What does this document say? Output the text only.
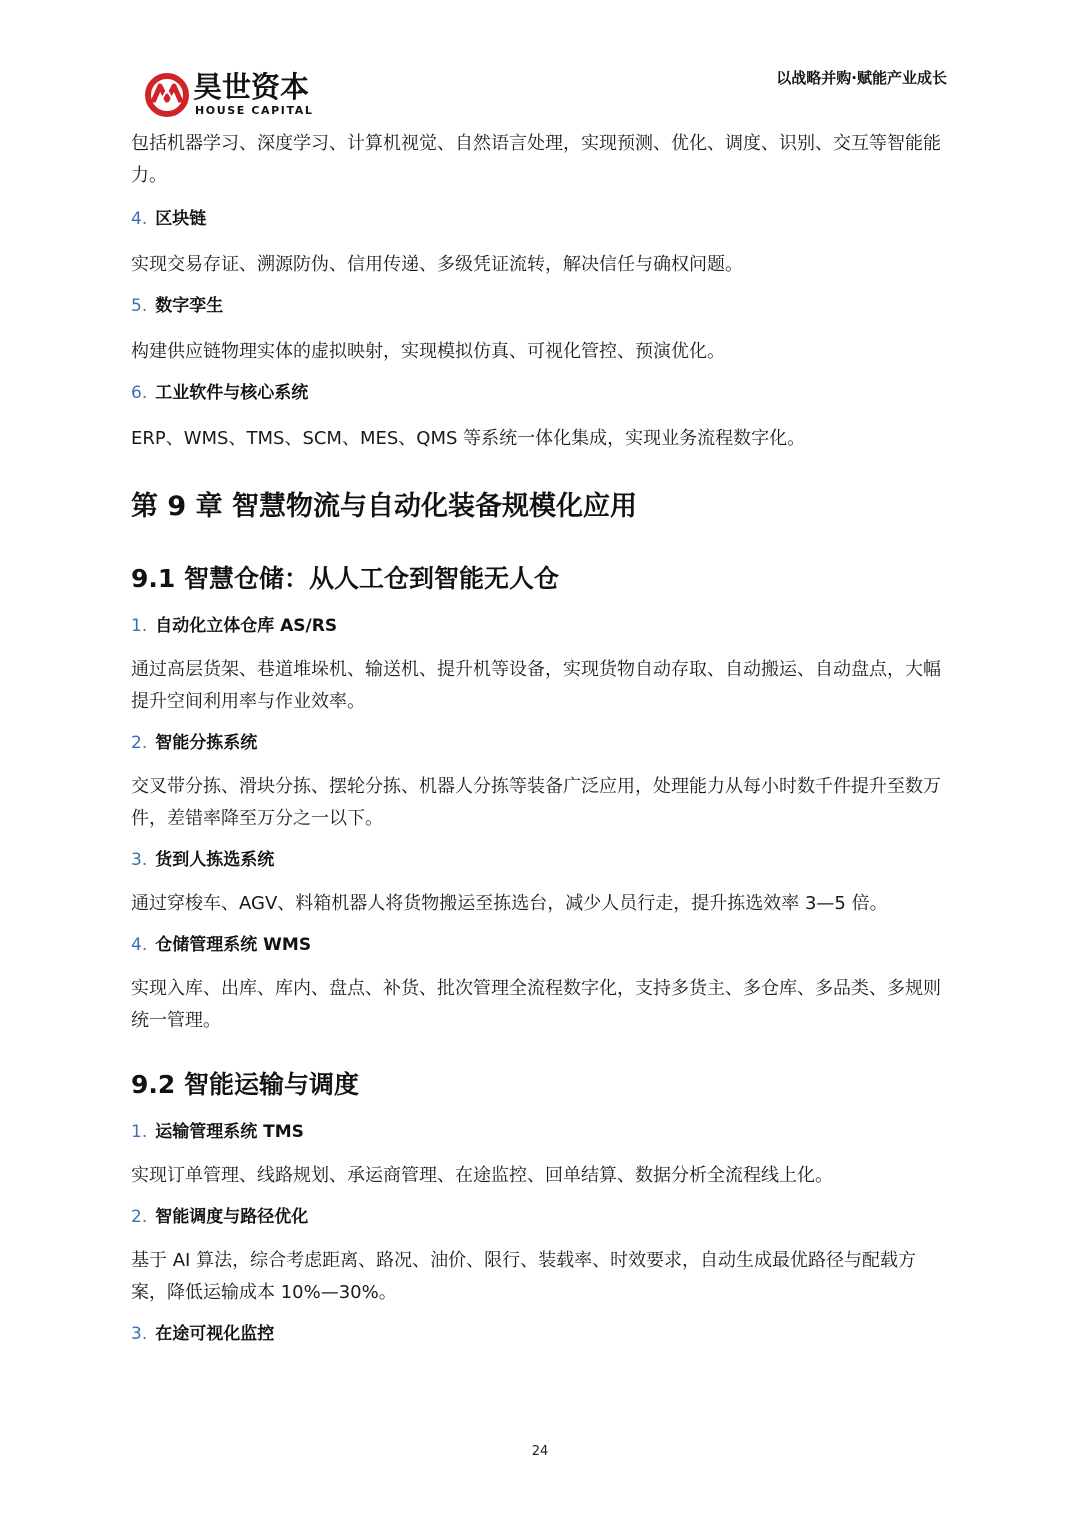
昊世资本
HOUSE CAPITAL
以战略并购·赋能产业成长

包括机器学习、深度学习、计算机视觉、自然语言处理，实现预测、优化、调度、识别、交互等智能能力。

4. 区块链

实现交易存证、溯源防伪、信用传递、多级凭证流转，解决信任与确权问题。

5. 数字孪生

构建供应链物理实体的虚拟映射，实现模拟仿真、可视化管控、预演优化。

6. 工业软件与核心系统

ERP、WMS、TMS、SCM、MES、QMS 等系统一体化集成，实现业务流程数字化。

第 9 章 智慧物流与自动化装备规模化应用
9.1 智慧仓储：从人工仓到智能无人仓
1. 自动化立体仓库 AS/RS

通过高层货架、巷道堆垛机、输送机、提升机等设备，实现货物自动存取、自动搬运、自动盘点，大幅提升空间利用率与作业效率。

2. 智能分拣系统

交叉带分拣、滑块分拣、摆轮分拣、机器人分拣等装备广泛应用，处理能力从每小时数千件提升至数万件，差错率降至万分之一以下。

3. 货到人拣选系统

通过穿梭车、AGV、料箱机器人将货物搬运至拣选台，减少人员行走，提升拣选效率 3—5 倍。

4. 仓储管理系统 WMS

实现入库、出库、库内、盘点、补货、批次管理全流程数字化，支持多货主、多仓库、多品类、多规则统一管理。

9.2 智能运输与调度
1. 运输管理系统 TMS

实现订单管理、线路规划、承运商管理、在途监控、回单结算、数据分析全流程线上化。

2. 智能调度与路径优化

基于 AI 算法，综合考虑距离、路况、油价、限行、装载率、时效要求，自动生成最优路径与配载方案，降低运输成本 10%—30%。

3. 在途可视化监控
24
